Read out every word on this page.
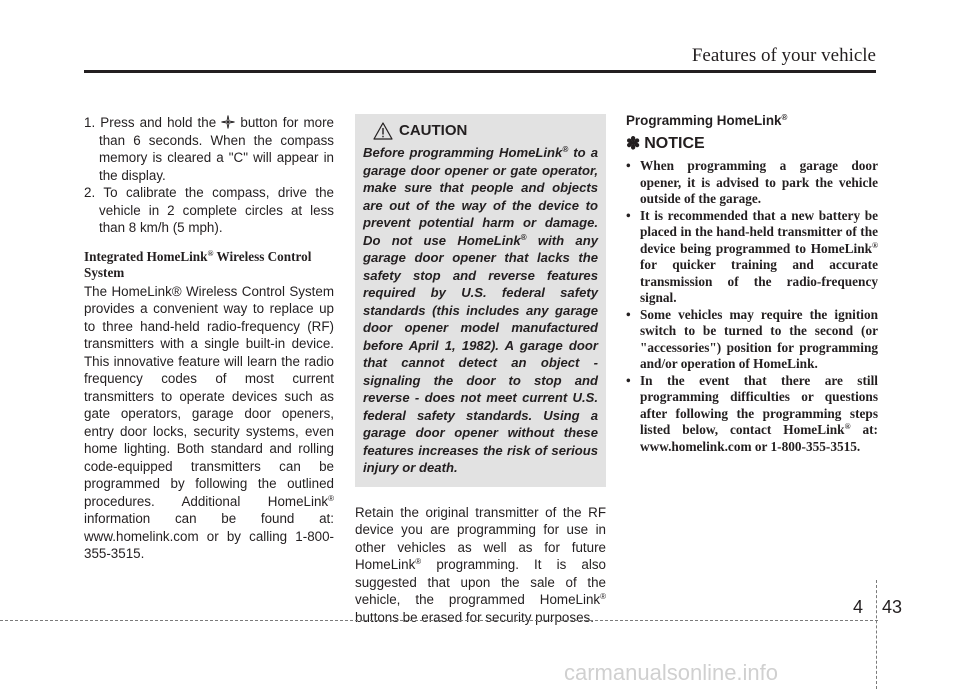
Features of your vehicle

1. Press and hold the button for more than 6 seconds. When the compass memory is cleared a "C" will appear in the display.

2. To calibrate the compass, drive the vehicle in 2 complete circles at less than 8 km/h (5 mph).

Integrated HomeLink® Wireless Control System

The HomeLink® Wireless Control System provides a convenient way to replace up to three hand-held radio-frequency (RF) transmitters with a single built-in device. This innovative feature will learn the radio frequency codes of most current transmitters to operate devices such as gate operators, garage door openers, entry door locks, security systems, even home lighting. Both standard and rolling code-equipped transmitters can be programmed by following the outlined procedures. Additional HomeLink® information can be found at: www.homelink.com or by calling 1-800-355-3515.

CAUTION

Before programming HomeLink® to a garage door opener or gate operator, make sure that people and objects are out of the way of the device to prevent potential harm or damage. Do not use HomeLink® with any garage door opener that lacks the safety stop and reverse features required by U.S. federal safety standards (this includes any garage door opener model manufactured before April 1, 1982). A garage door that cannot detect an object - signaling the door to stop and reverse - does not meet current U.S. federal safety standards. Using a garage door opener without these features increases the risk of serious injury or death.

Retain the original transmitter of the RF device you are programming for use in other vehicles as well as for future HomeLink® programming. It is also suggested that upon the sale of the vehicle, the programmed HomeLink® buttons be erased for security purposes.

Programming HomeLink®

✽ NOTICE
• When programming a garage door opener, it is advised to park the vehicle outside of the garage.
• It is recommended that a new battery be placed in the hand-held transmitter of the device being programmed to HomeLink® for quicker training and accurate transmission of the radio-frequency signal.
• Some vehicles may require the ignition switch to be turned to the second (or "accessories") position for programming and/or operation of HomeLink.
• In the event that there are still programming difficulties or questions after following the programming steps listed below, contact HomeLink® at: www.homelink.com or 1-800-355-3515.
4 43
carmanualsonline.info
